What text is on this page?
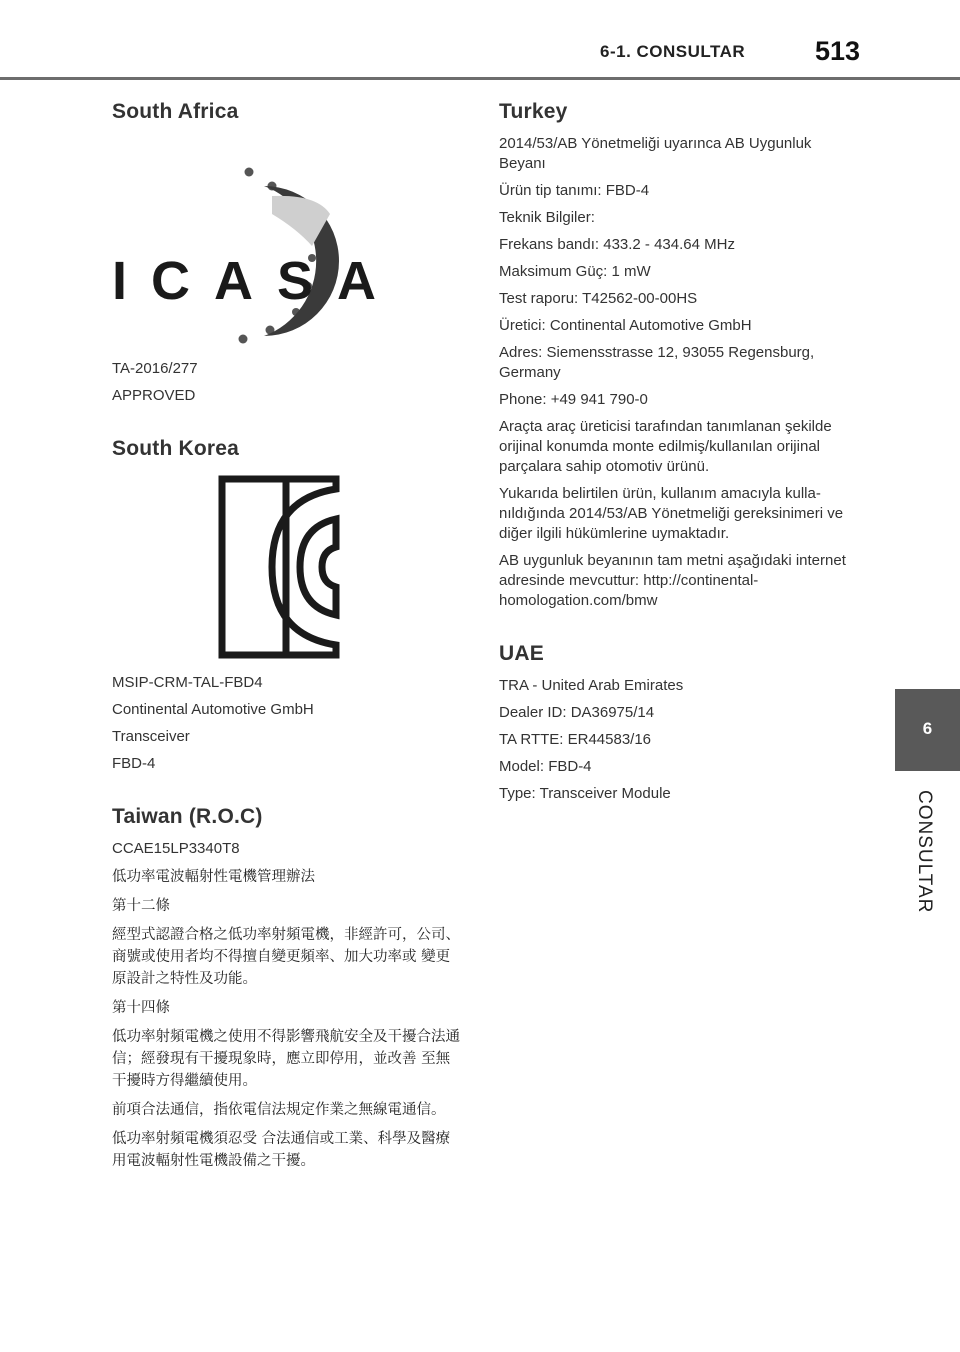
6-1. CONSULTAR	513
South Africa
ICASA
TA-2016/277
APPROVED
South Korea
MSIP-CRM-TAL-FBD4
Continental Automotive GmbH
Transceiver
FBD-4
Taiwan (R.O.C)
CCAE15LP3340T8
低功率電波輻射性電機管理辦法
第十二條
經型式認證合格之低功率射頻電機，非經許可，公司、商號或使用者均不得擅自變更頻率、加大功率或 變更原設計之特性及功能。
第十四條
低功率射頻電機之使用不得影響飛航安全及干擾合法通信；經發現有干擾現象時，應立即停用，並改善 至無干擾時方得繼續使用。
前項合法通信，指依電信法規定作業之無線電通信。
低功率射頻電機須忍受 合法通信或工業、科學及醫療用電波輻射性電機設備之干擾。
Turkey
2014/53/AB Yönetmeliği uyarınca AB Uygunluk Beyanı
Ürün tip tanımı: FBD-4
Teknik Bilgiler:
Frekans bandı: 433.2 - 434.64 MHz
Maksimum Güç: 1 mW
Test raporu: T42562-00-00HS
Üretici: Continental Automotive GmbH
Adres: Siemensstrasse 12, 93055 Regensburg, Germany
Phone: +49 941 790-0
Araçta araç üreticisi tarafından tanımlanan şekilde orijinal konumda monte edilmiş/kullanılan orijinal parçalara sahip otomotiv ürünü.
Yukarıda belirtilen ürün, kullanım amacıyla kullanıldığında 2014/53/AB Yönetmeliği gereksinimeri ve diğer ilgili hükümlerine uymaktadır.
AB uygunluk beyanının tam metni aşağıdaki internet adresinde mevcuttur: http://continental-homologation.com/bmw
UAE
TRA - United Arab Emirates
Dealer ID: DA36975/14
TA RTTE: ER44583/16
Model: FBD-4
Type: Transceiver Module
6
CONSULTAR
